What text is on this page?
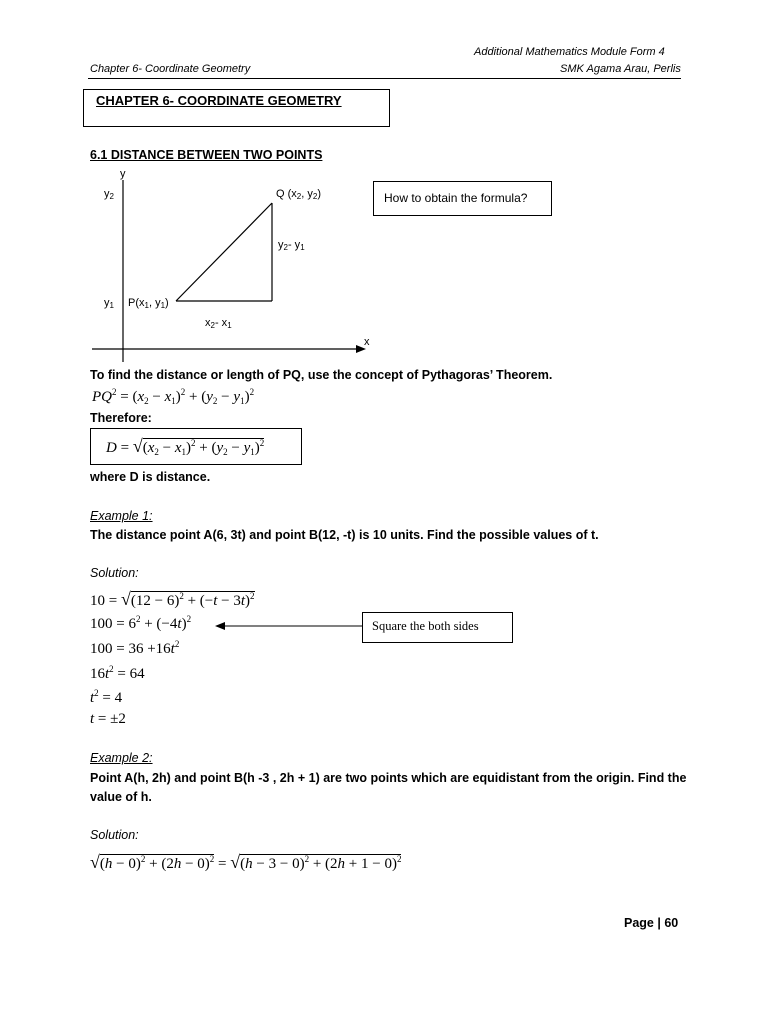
Additional Mathematics Module Form 4
Chapter 6- Coordinate Geometry	SMK Agama Arau, Perlis
CHAPTER 6- COORDINATE GEOMETRY
6.1 DISTANCE BETWEEN TWO POINTS
y
x
$y_2$
$y_1$
Q ($x_2$, $y_2$)
$P(x_1$, $y_1$)
$y_2-$ $y_1$
$x_2-$ $x_1$
How to obtain the formula?
To find the distance or length of PQ, use the concept of Pythagoras’ Theorem.
$PQ^2 = (x_2 - x_1)^2 + (y_2 - y_1)^2$
Therefore:
$D = √(x_2 - x_1)^2 + (y_2 - y_1)^2$
where D is distance.
Example 1:
The distance point A(6, 3t) and point B(12, -t) is 10 units. Find the possible values of t.
Solution:
$10 = √(12 - 6)^2 + (-t - 3t)^2$
$100 = 6^2 + (-4t)^2$
$100 = 36 +16t^2$
$16t^2 = 64$
$t^2 = 4$
t = ±2
Square the both sides
Example 2:
Point A(h, 2h) and point B(h -3 , 2h + 1) are two points which are equidistant from the origin. Find the
value of h.
Solution:
$√(h - 0)^2 + (2h - 0)^2 = √(h - 3 - 0)^2 + (2h + 1 - 0)^2$
Page | 60
